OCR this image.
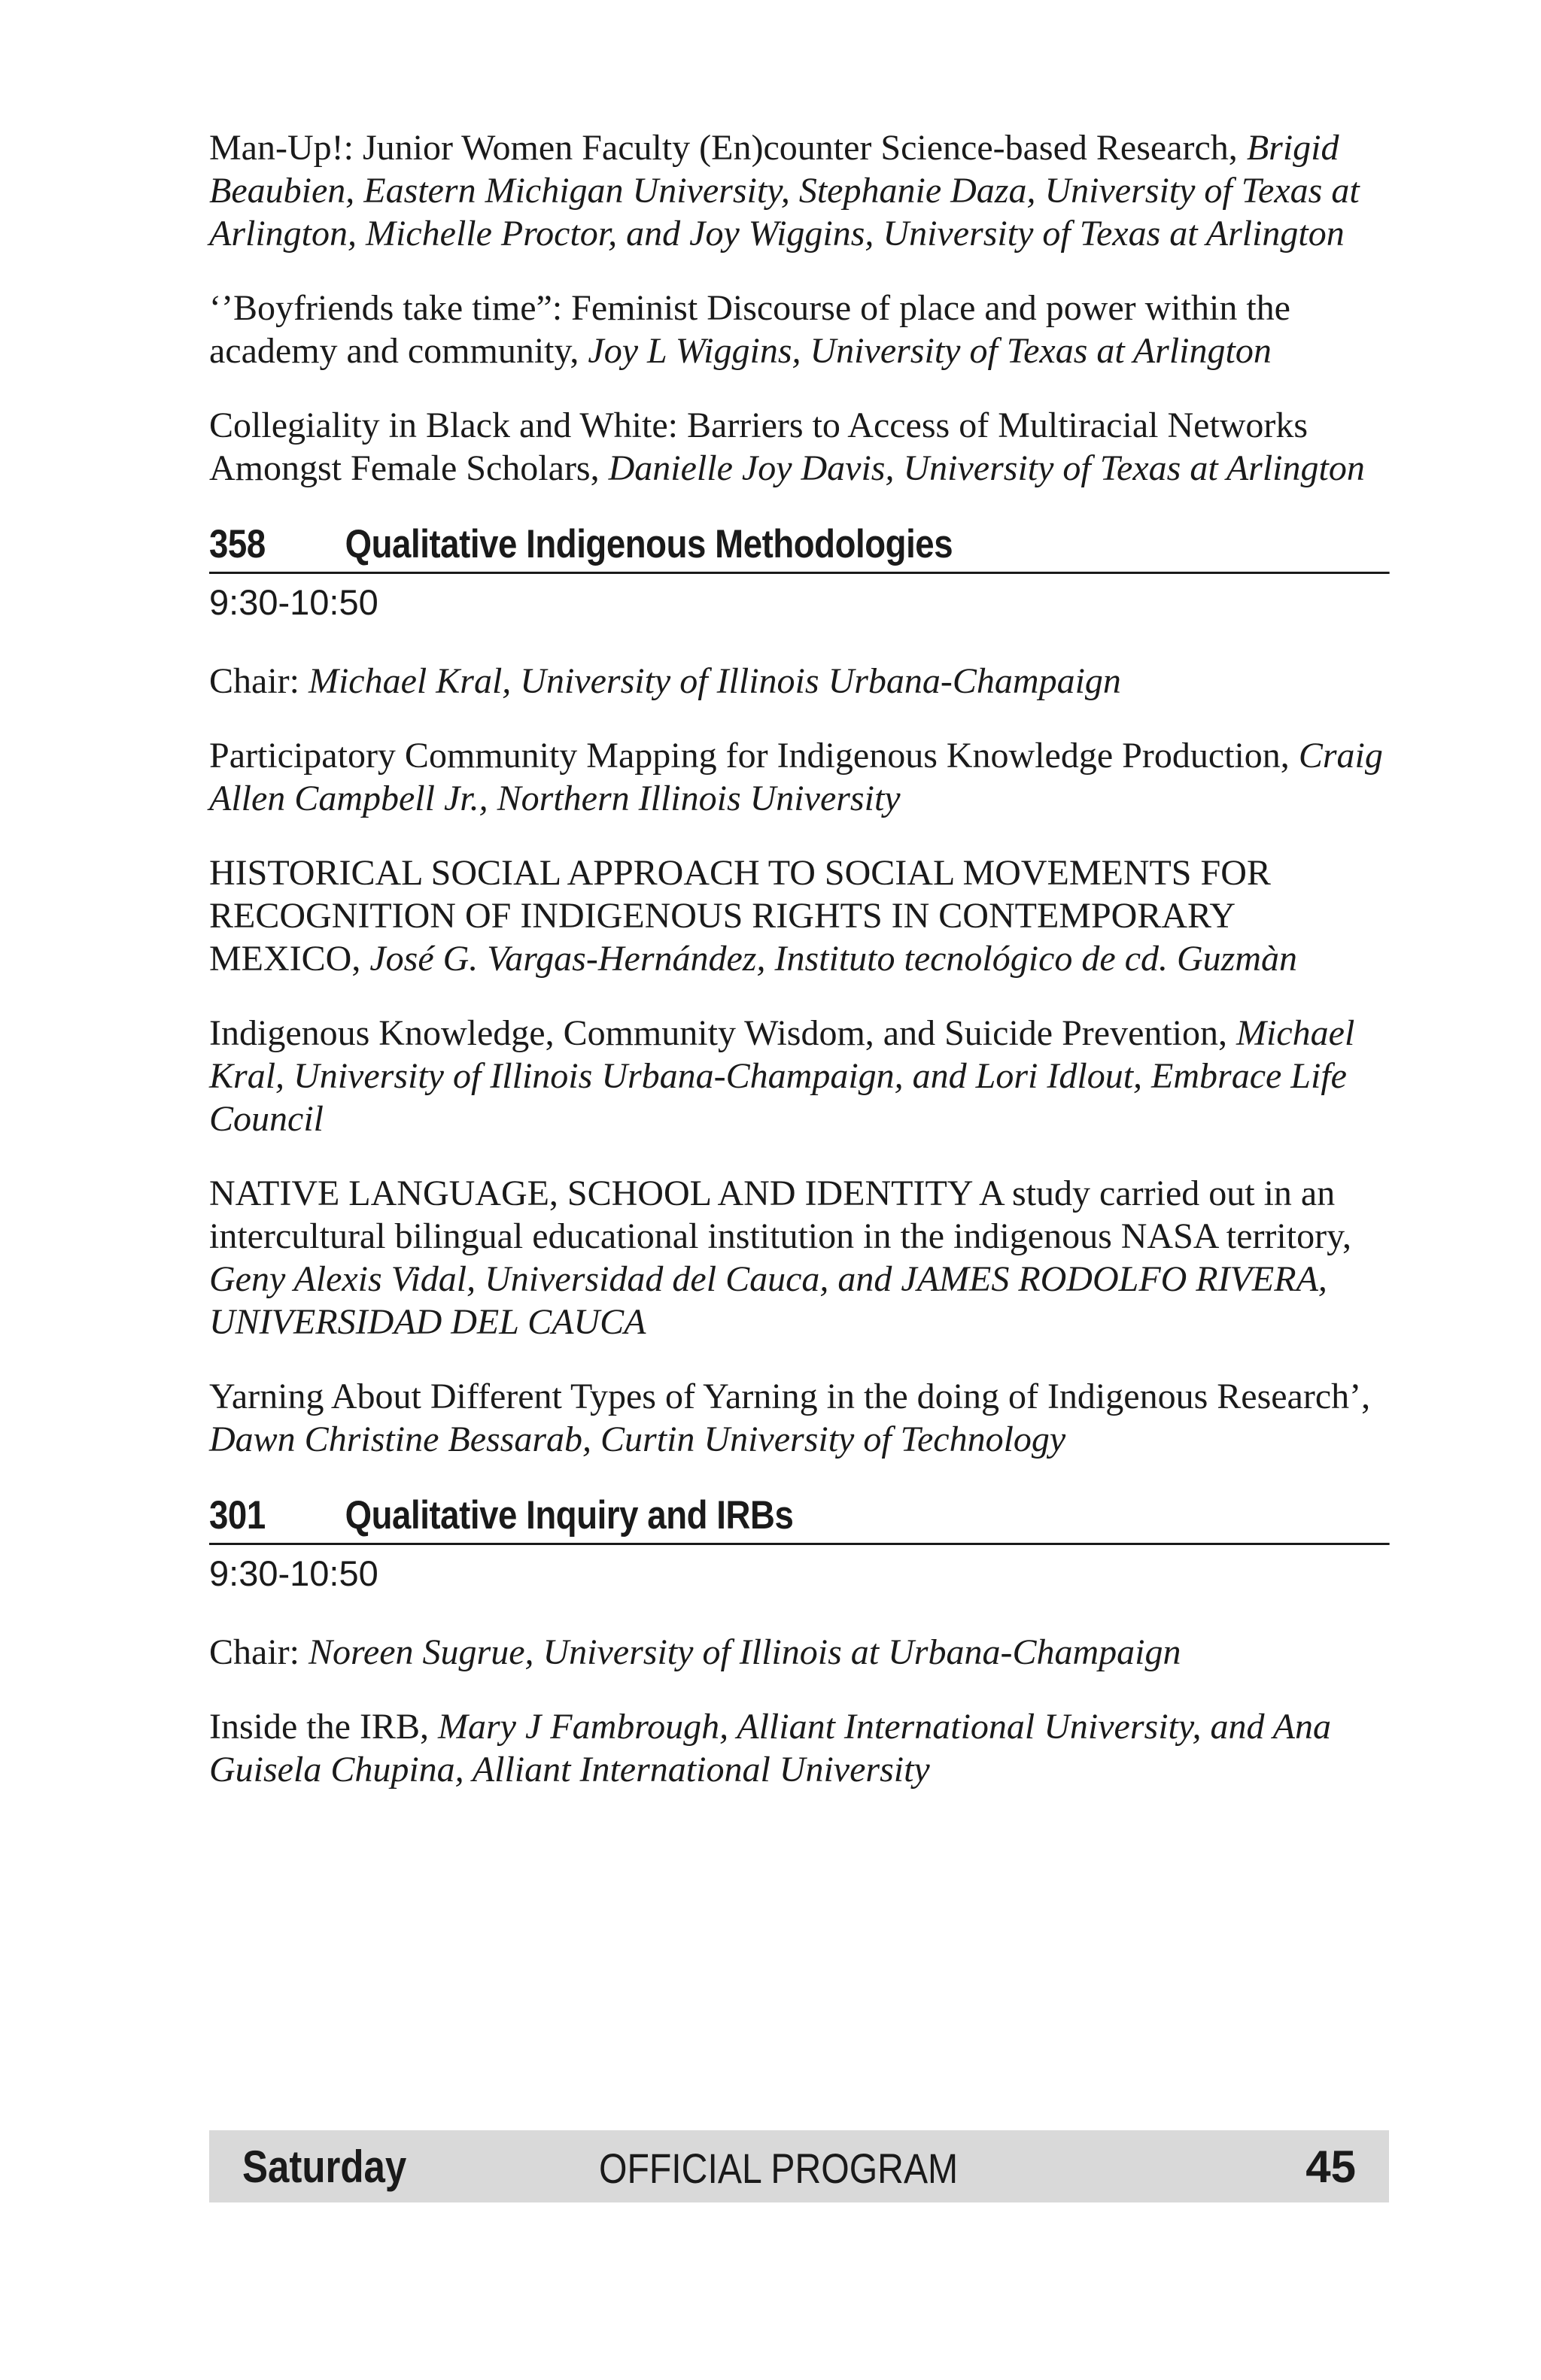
Man-Up!: Junior Women Faculty (En)counter Science-based Research, Brigid Beaubien, Eastern Michigan University, Stephanie Daza, University of Texas at Arlington, Michelle Proctor, and Joy Wiggins, University of Texas at Arlington
‘’Boyfriends take time”: Feminist Discourse of place and power within the academy and community, Joy L Wiggins, University of Texas at Arlington
Collegiality in Black and White: Barriers to Access of Multiracial Networks Amongst Female Scholars, Danielle Joy Davis, University of Texas at Arlington
358	Qualitative Indigenous Methodologies
9:30-10:50
Chair: Michael Kral, University of Illinois Urbana-Champaign
Participatory Community Mapping for Indigenous Knowledge Production, Craig Allen Campbell Jr., Northern Illinois University
HISTORICAL SOCIAL APPROACH TO SOCIAL MOVEMENTS FOR RECOGNITION OF INDIGENOUS RIGHTS IN CONTEMPORARY MEXICO, José G. Vargas-Hernández, Instituto tecnológico de cd. Guzmàn
Indigenous Knowledge, Community Wisdom, and Suicide Prevention, Michael Kral, University of Illinois Urbana-Champaign, and Lori Idlout, Embrace Life Council
NATIVE LANGUAGE, SCHOOL AND IDENTITY A study carried out in an intercultural bilingual educational institution in the indigenous NASA territory, Geny Alexis Vidal, Universidad del Cauca, and JAMES RODOLFO RIVERA, UNIVERSIDAD DEL CAUCA
Yarning About Different Types of Yarning in the doing of Indigenous Research’, Dawn Christine Bessarab, Curtin University of Technology
301	Qualitative Inquiry and IRBs
9:30-10:50
Chair: Noreen Sugrue, University of Illinois at Urbana-Champaign
Inside the IRB, Mary J Fambrough, Alliant International University, and Ana Guisela Chupina, Alliant International University
Saturday	OFFICIAL PROGRAM	45
